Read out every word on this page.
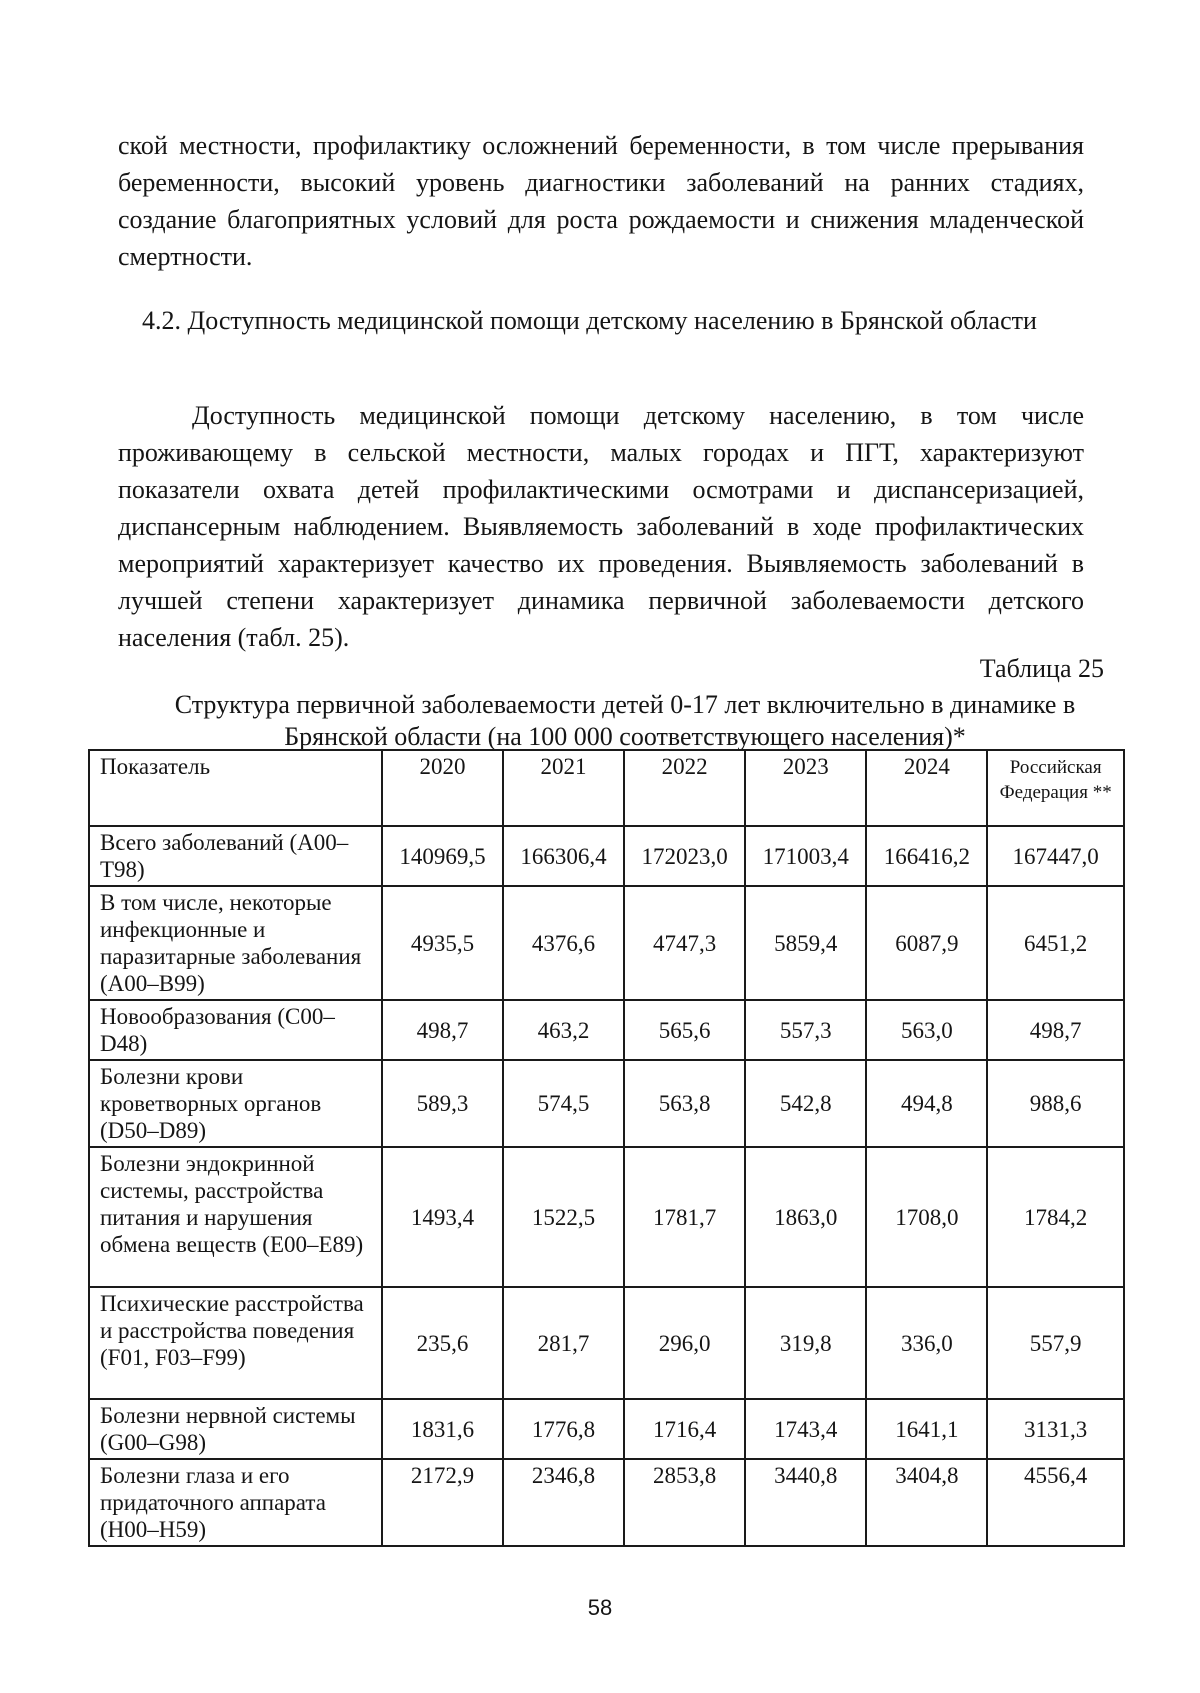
ской местности, профилактику осложнений беременности, в том числе прерывания беременности, высокий уровень диагностики заболеваний на ранних стадиях, создание благоприятных условий для роста рождаемости и снижения младенческой смертности.

4.2. Доступность медицинской помощи детскому населению в Брянской области

Доступность медицинской помощи детскому населению, в том числе проживающему в сельской местности, малых городах и ПГТ, характеризуют показатели охвата детей профилактическими осмотрами и диспансеризацией, диспансерным наблюдением. Выявляемость заболеваний в ходе профилактических мероприятий характеризует качество их проведения. Выявляемость заболеваний в лучшей степени характеризует динамика первичной заболеваемости детского населения (табл. 25).

Таблица 25
Структура первичной заболеваемости детей 0-17 лет включительно в динамике в Брянской области (на 100 000 соответствующего населения)*
Показатель	2020	2021	2022	2023	2024	Российская Федерация **
Всего заболеваний (A00–T98)	140969,5	166306,4	172023,0	171003,4	166416,2	167447,0
В том числе, некоторые инфекционные и паразитарные заболевания (A00–B99)	4935,5	4376,6	4747,3	5859,4	6087,9	6451,2
Новообразования (C00–D48)	498,7	463,2	565,6	557,3	563,0	498,7
Болезни крови кроветворных органов (D50–D89)	589,3	574,5	563,8	542,8	494,8	988,6
Болезни эндокринной системы, расстройства питания и нарушения обмена веществ (E00–E89)	1493,4	1522,5	1781,7	1863,0	1708,0	1784,2
Психические расстройства и расстройства поведения (F01, F03–F99)	235,6	281,7	296,0	319,8	336,0	557,9
Болезни нервной системы (G00–G98)	1831,6	1776,8	1716,4	1743,4	1641,1	3131,3
Болезни глаза и его придаточного аппарата (H00–H59)	2172,9	2346,8	2853,8	3440,8	3404,8	4556,4
58
